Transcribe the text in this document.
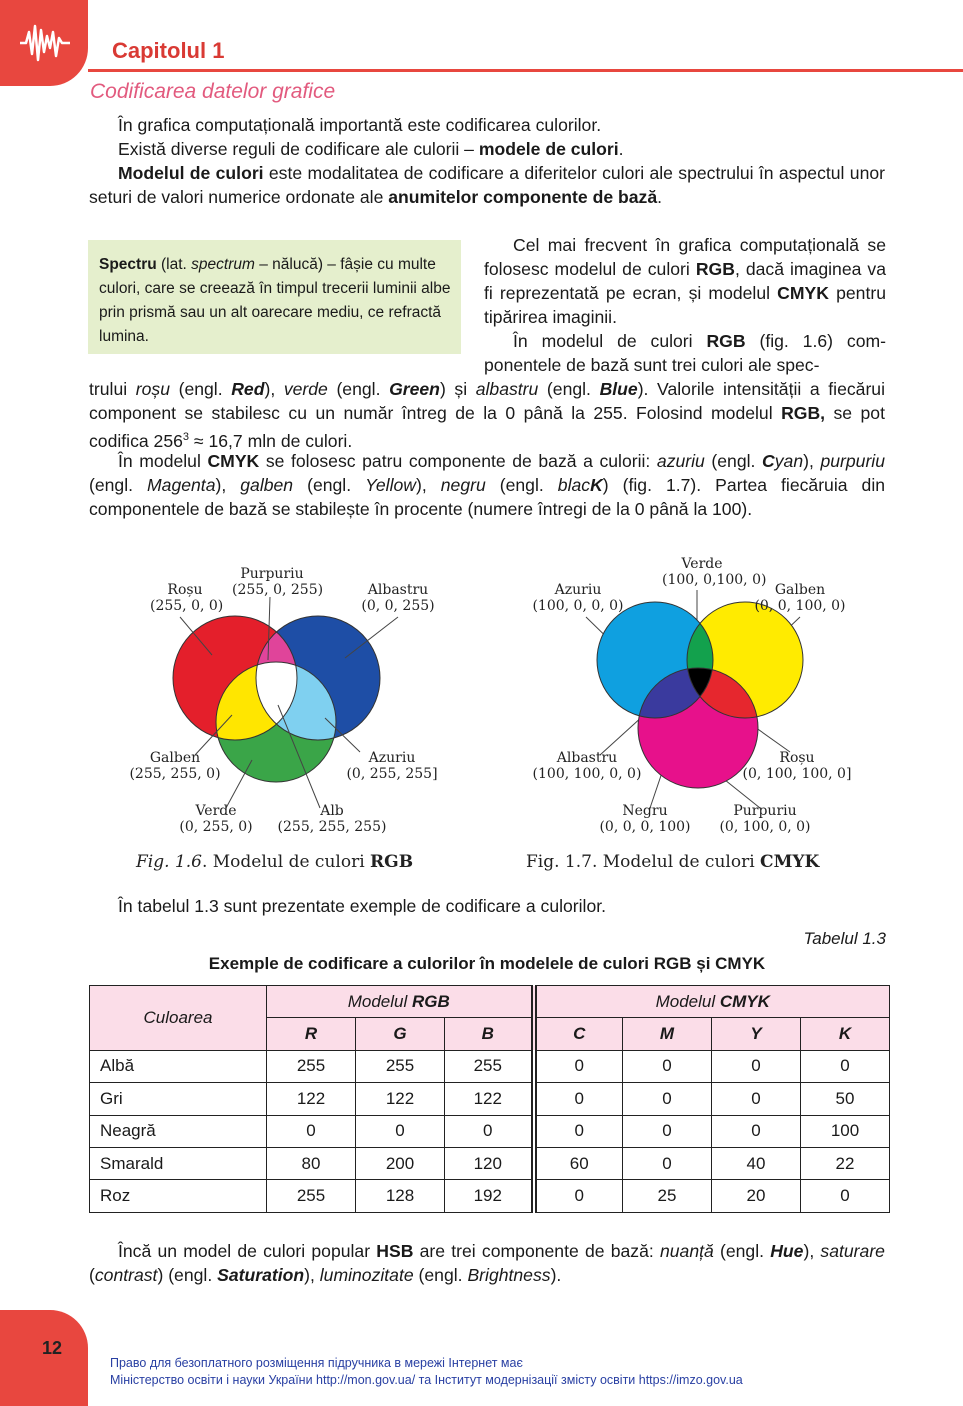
Capitolul 1
Codificarea datelor grafice
În grafica computațională importantă este codificarea culorilor.
Există diverse reguli de codificare ale culorii – modele de culori.
Modelul de culori este modalitatea de codificare a diferitelor culori ale spectrului în aspectul unor seturi de valori numerice ordonate ale anumitelor componente de bază.
Spectru (lat. spectrum – nălucă) – fâșie cu multe culori, care se creează în timpul trecerii luminii albe prin prismă sau un alt oarecare mediu, ce refractă lumina.
Cel mai frecvent în grafica computațională se folosesc modelul de culori RGB, dacă imaginea va fi reprezentată pe ecran, și modelul CMYK pentru tipărirea imaginii.
În modelul de culori RGB (fig. 1.6) componentele de bază sunt trei culori ale spec-
trului roșu (engl. Red), verde (engl. Green) și albastru (engl. Blue). Valorile intensității a fiecărui component se stabilesc cu un număr întreg de la 0 până la 255. Folosind modelul RGB, se pot codifica $256^3 \approx 16,7$ mln de culori.
În modelul CMYK se folosesc patru componente de bază a culorii: azuriu (engl. Cyan), purpuriu (engl. Magenta), galben (engl. Yellow), negru (engl. blacK) (fig. 1.7). Partea fiecăruia din componentele de bază se stabilește în procente (numere întregi de la 0 până la 100).
Roșu
(255, 0, 0)
Purpuriu
(255, 0, 255)	Albastru
(0, 0, 255)
Galben
(255, 255, 0)
Azuriu
(0, 255, 255]
Verde
(0, 255, 0)
Alb
(255, 255, 255)
Verde
(100, 0,100, 0)
Azuriu
(100, 0, 0, 0)
Galben
(0, 0, 100, 0)
Albastru
(100, 100, 0, 0)
Roșu
(0, 100, 100, 0]
Negru
(0, 0, 0, 100)
Purpuriu
(0, 100, 0, 0)
Fig. 1.6. Modelul de culori RGB	Fig. 1.7. Modelul de culori CMYK
În tabelul 1.3 sunt prezentate exemple de codificare a culorilor.
Tabelul 1.3
Exemple de codificare a culorilor în modelele de culori RGB și CMYK
Culoarea	Modelul RGB			Modelul CMYK			
	R	G	B	C	M	Y	K
Albă	255	255	255	0	0	0	0
Gri	122	122	122	0	0	0	50
Neagră	0	0	0	0	0	0	100
Smarald	80	200	120	60	0	40	22
Roz	255	128	192	0	25	20	0
Încă un model de culori popular HSB are trei componente de bază: nuanță (engl. Hue), saturare (contrast) (engl. Saturation), luminozitate (engl. Brightness).
12
Право для безоплатного розміщення підручника в мережі Інтернет має
Міністерство освіти і науки України http://mon.gov.ua/ та Інститут модернізації змісту освіти https://imzo.gov.ua
